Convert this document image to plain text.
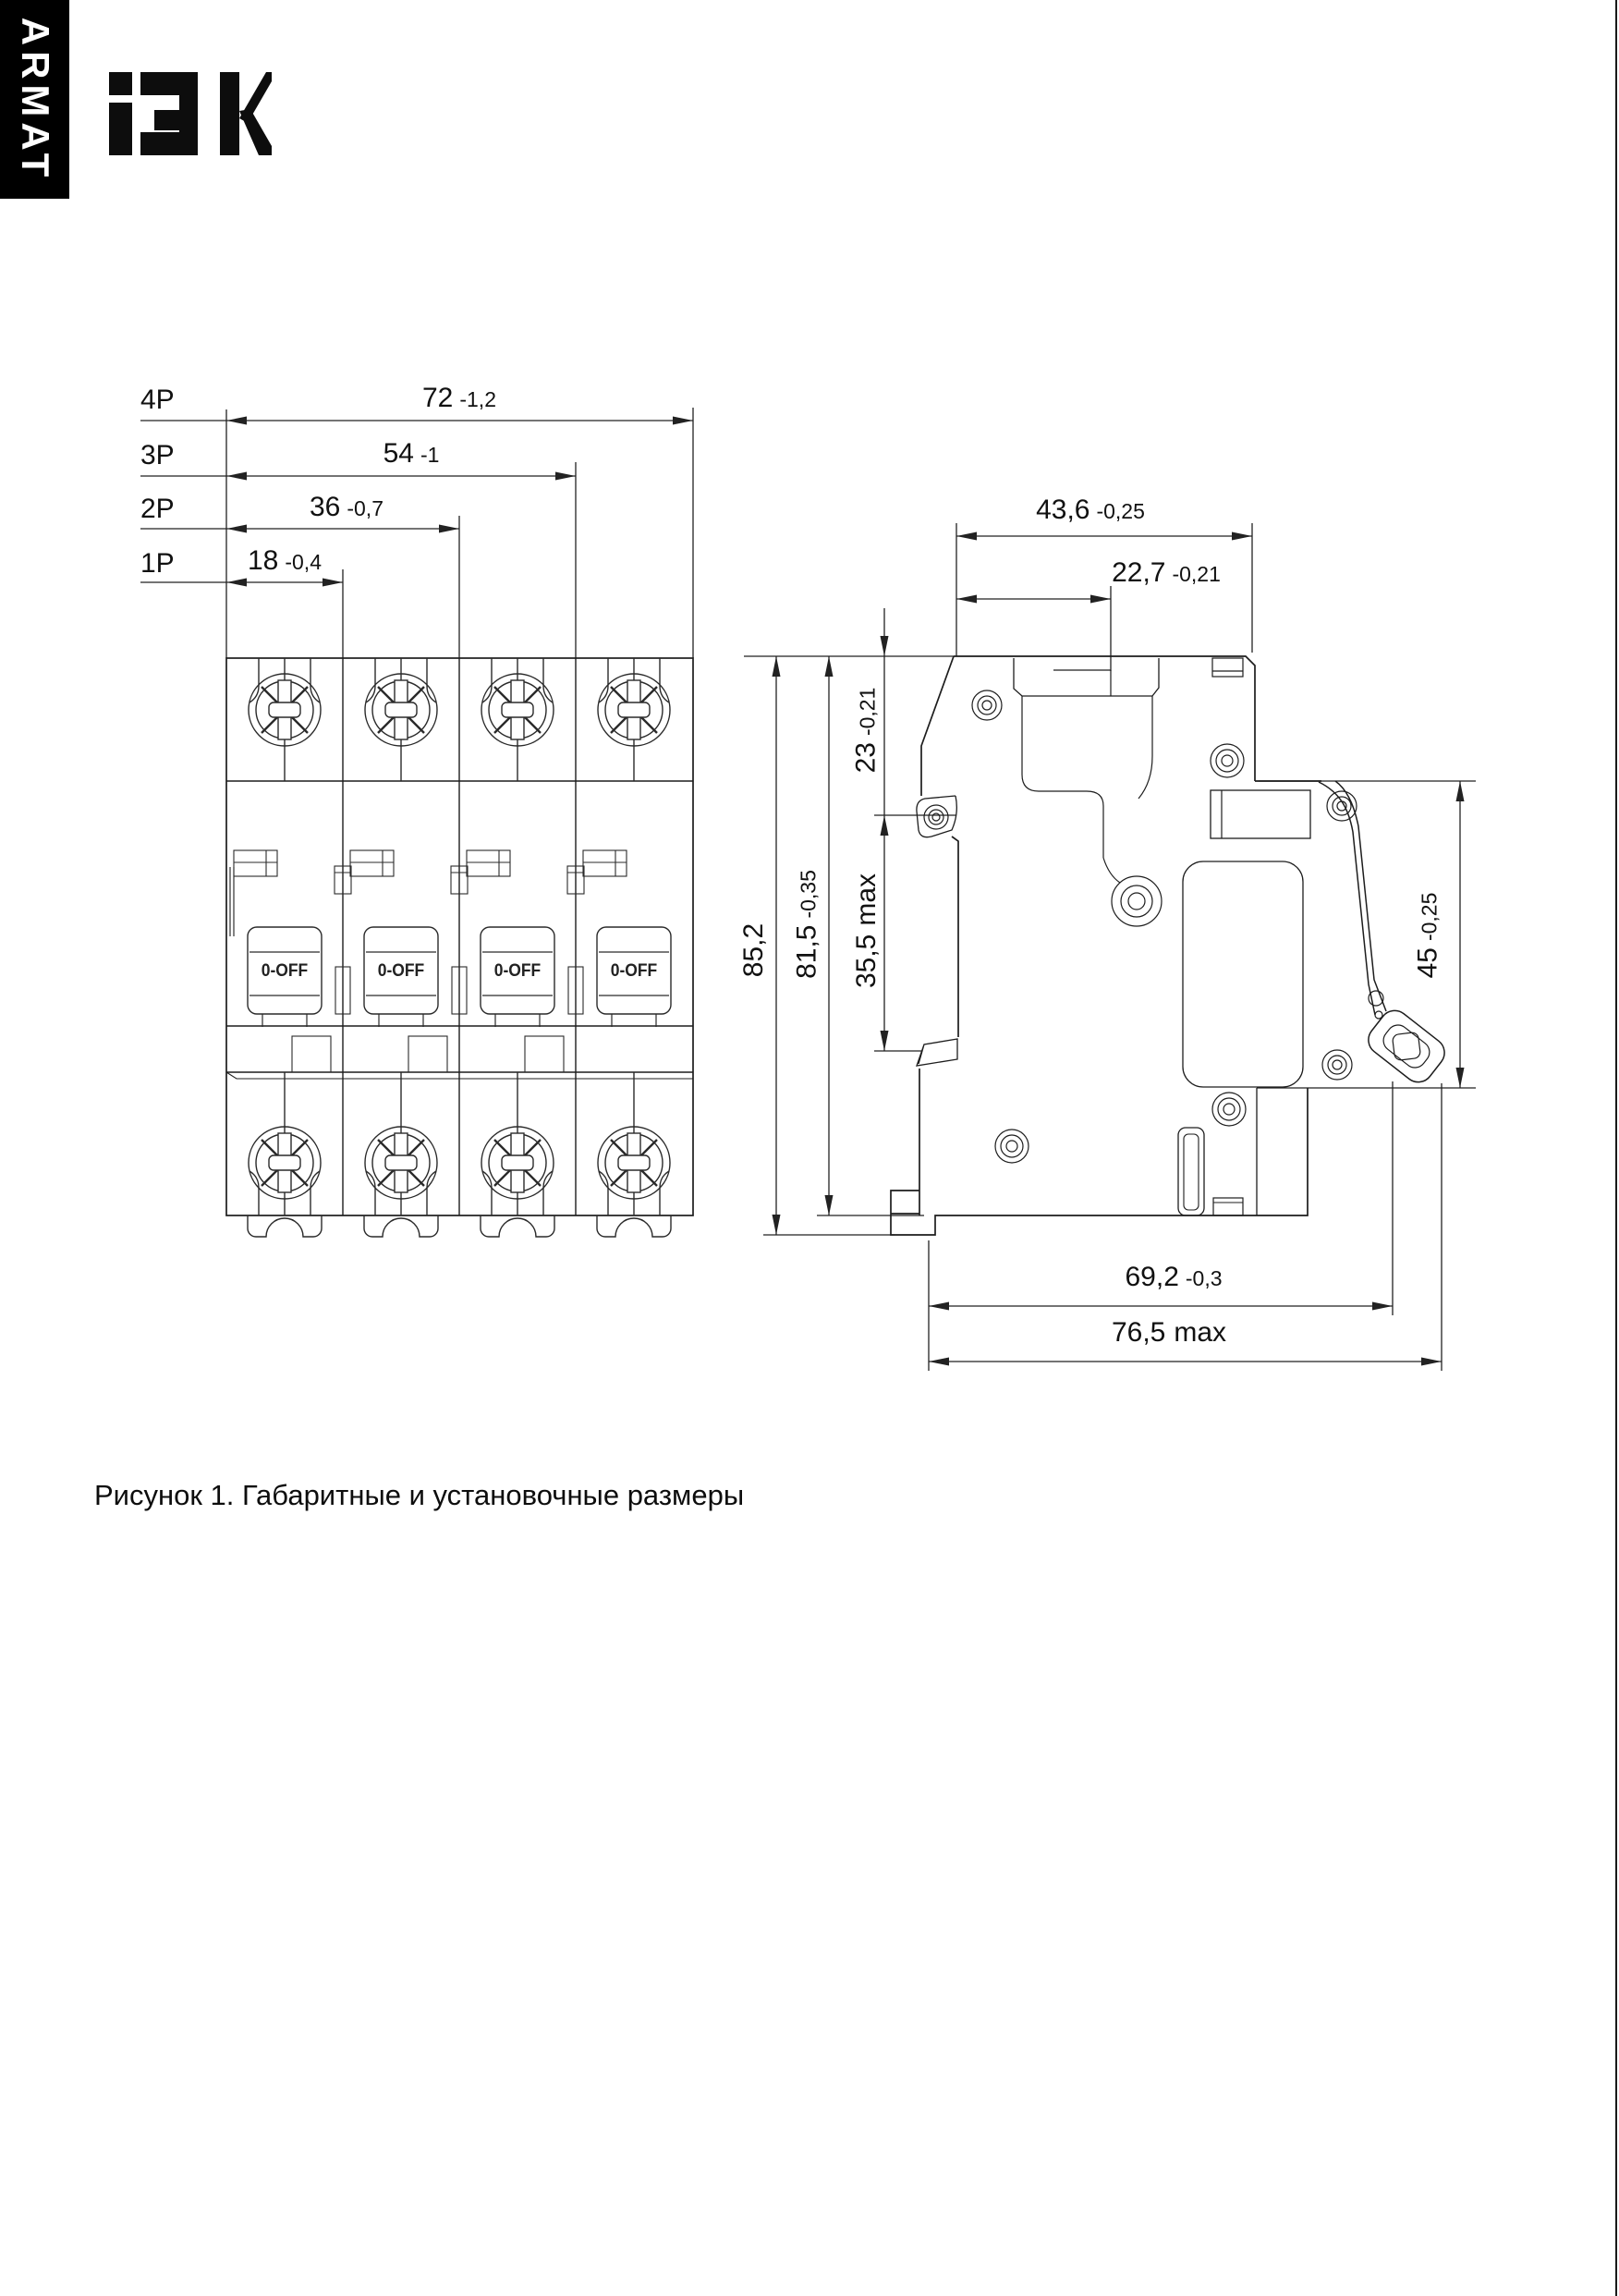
ARMAT
4P
3P
2P
1P
72 -1,2
54 -1
36 -0,7
18 -0,4
43,6 -0,25
22,7 -0,21
85,2 81,5-0,35
35,5max
23-0,21
45-0,25
69,2 -0,3
76,5 max
0-OFF	0-OFF	0-OFF	0-OFF
Рисунок 1. Габаритные и установочные размеры
